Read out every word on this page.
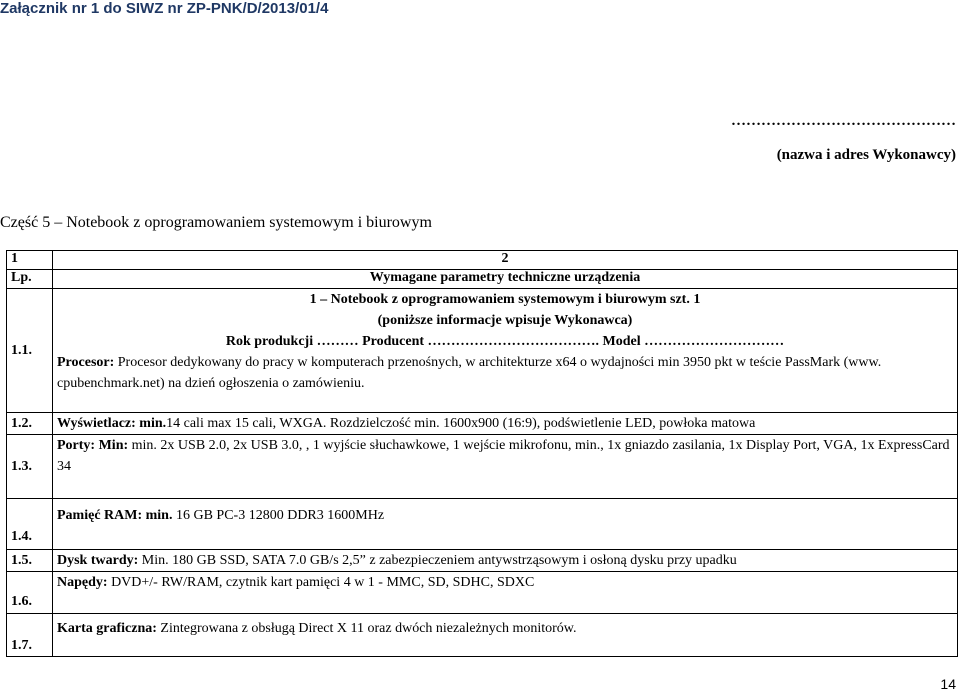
Załącznik nr 1 do SIWZ nr ZP-PNK/D/2013/01/4
………………………………………
(nazwa i adres Wykonawcy)
Część 5 – Notebook z oprogramowaniem systemowym i biurowym
1	2
Lp.	Wymagane parametry techniczne urządzenia
1.1.	1 – Notebook z oprogramowaniem systemowym i biurowym szt. 1
(poniższe informacje wpisuje Wykonawca)
Rok produkcji ……… Producent ………………………………. Model …………………………
Procesor: Procesor dedykowany do pracy w komputerach przenośnych, w architekturze x64 o wydajności min 3950 pkt w teście PassMark (www. cpubenchmark.net) na dzień ogłoszenia o zamówieniu.

1.2.	Wyświetlacz: min.14 cali max 15 cali, WXGA. Rozdzielczość min. 1600x900 (16:9), podświetlenie LED, powłoka matowa
1.3.	Porty: Min: min. 2x USB 2.0, 2x USB 3.0, , 1 wyjście słuchawkowe, 1 wejście mikrofonu, min., 1x gniazdo zasilania, 1x Display Port, VGA, 1x ExpressCard 34
1.4.	Pamięć RAM: min. 16 GB PC-3 12800 DDR3 1600MHz
1.5.	Dysk twardy: Min. 180 GB SSD, SATA 7.0 GB/s 2,5” z zabezpieczeniem antywstrząsowym i osłoną dysku przy upadku
1.6.	Napędy: DVD+/- RW/RAM, czytnik kart pamięci 4 w 1 - MMC, SD, SDHC, SDXC
1.7.	Karta graficzna: Zintegrowana z obsługą Direct X 11 oraz dwóch niezależnych monitorów.
14
